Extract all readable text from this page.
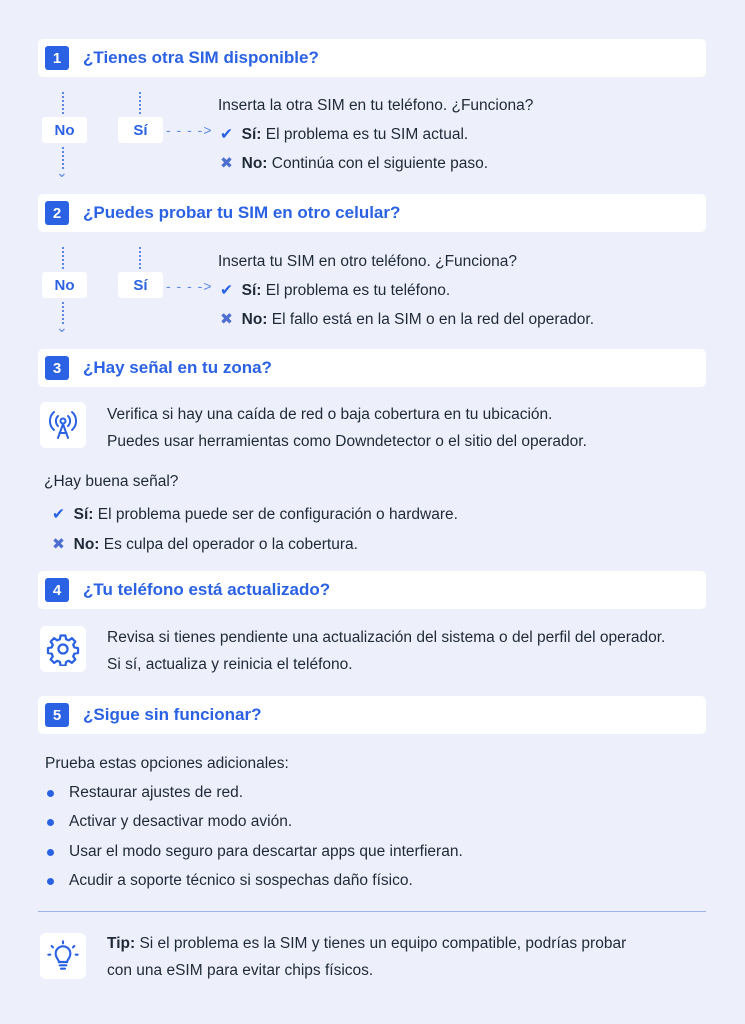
1	¿Tienes otra SIM disponible?
No	Sí	- - - ->
⌄
Inserta la otra SIM en tu teléfono. ¿Funciona?
✔ Sí: El problema es tu SIM actual.
✖ No: Continúa con el siguiente paso.
2	¿Puedes probar tu SIM en otro celular?
No	Sí	- - - ->
⌄
Inserta tu SIM en otro teléfono. ¿Funciona?
✔ Sí: El problema es tu teléfono.
✖ No: El fallo está en la SIM o en la red del operador.
3	¿Hay señal en tu zona?
Verifica si hay una caída de red o baja cobertura en tu ubicación.
Puedes usar herramientas como Downdetector o el sitio del operador.
¿Hay buena señal?
✔ Sí: El problema puede ser de configuración o hardware.
✖ No: Es culpa del operador o la cobertura.
4	¿Tu teléfono está actualizado?
Revisa si tienes pendiente una actualización del sistema o del perfil del operador.
Si sí, actualiza y reinicia el teléfono.
5	¿Sigue sin funcionar?
Prueba estas opciones adicionales:
Restaurar ajustes de red.
Activar y desactivar modo avión.
Usar el modo seguro para descartar apps que interfieran.
Acudir a soporte técnico si sospechas daño físico.
Tip: Si el problema es la SIM y tienes un equipo compatible, podrías probar
con una eSIM para evitar chips físicos.
